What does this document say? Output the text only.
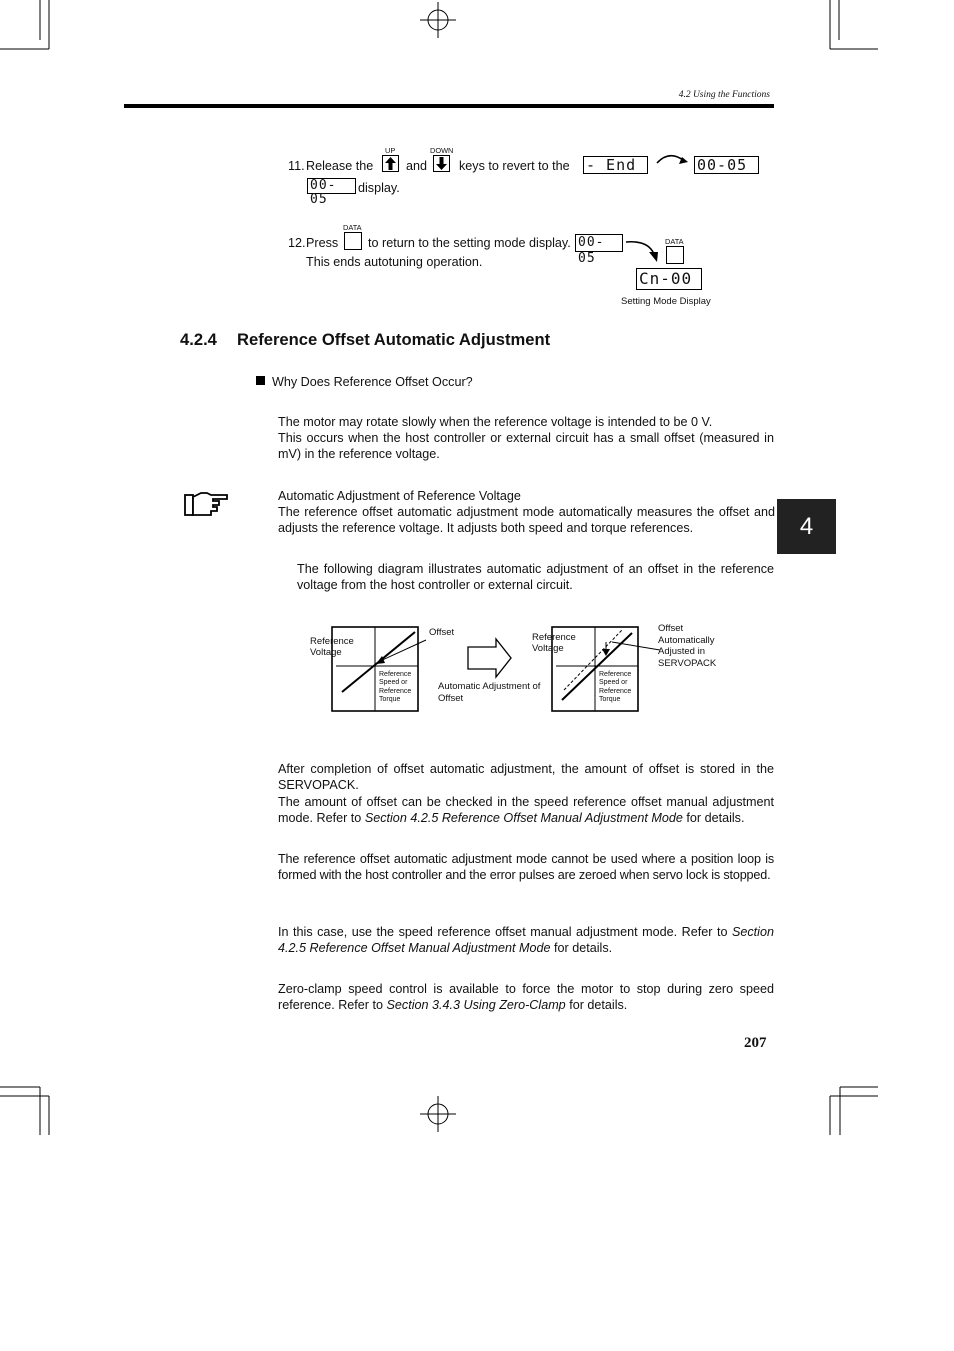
4.2 Using the Functions
11. Release the
UP
and
DOWN
keys to revert to the - End	00-05
00-05
display.
12. Press
DATA
to return to the setting mode display. 00-05
DATA
Cn-00
This ends autotuning operation.
Setting Mode Display
4.2.4 Reference Offset Automatic Adjustment
Why Does Reference Offset Occur?
The motor may rotate slowly when the reference voltage is intended to be 0 V.
This occurs when the host controller or external circuit has a small offset (measured in mV) in the reference voltage.
Automatic Adjustment of Reference Voltage
The reference offset automatic adjustment mode automatically measures the offset and adjusts the reference voltage. It adjusts both speed and torque references.	4
The following diagram illustrates automatic adjustment of an offset in the reference voltage from the host controller or external circuit.
Reference Voltage
Offset
Reference Speed or Reference Torque
Automatic Adjustment of Offset
Reference Voltage
Reference Speed or Reference Torque
Offset Automatically Adjusted in SERVOPACK
After completion of offset automatic adjustment, the amount of offset is stored in the SERVOPACK.
The amount of offset can be checked in the speed reference offset manual adjustment mode. Refer to Section 4.2.5 Reference Offset Manual Adjustment Mode for details.
The reference offset automatic adjustment mode cannot be used where a position loop is formed with the host controller and the error pulses are zeroed when servo lock is stopped.
In this case, use the speed reference offset manual adjustment mode. Refer to Section 4.2.5 Reference Offset Manual Adjustment Mode for details.
Zero-clamp speed control is available to force the motor to stop during zero speed reference. Refer to Section 3.4.3 Using Zero-Clamp for details.
207
